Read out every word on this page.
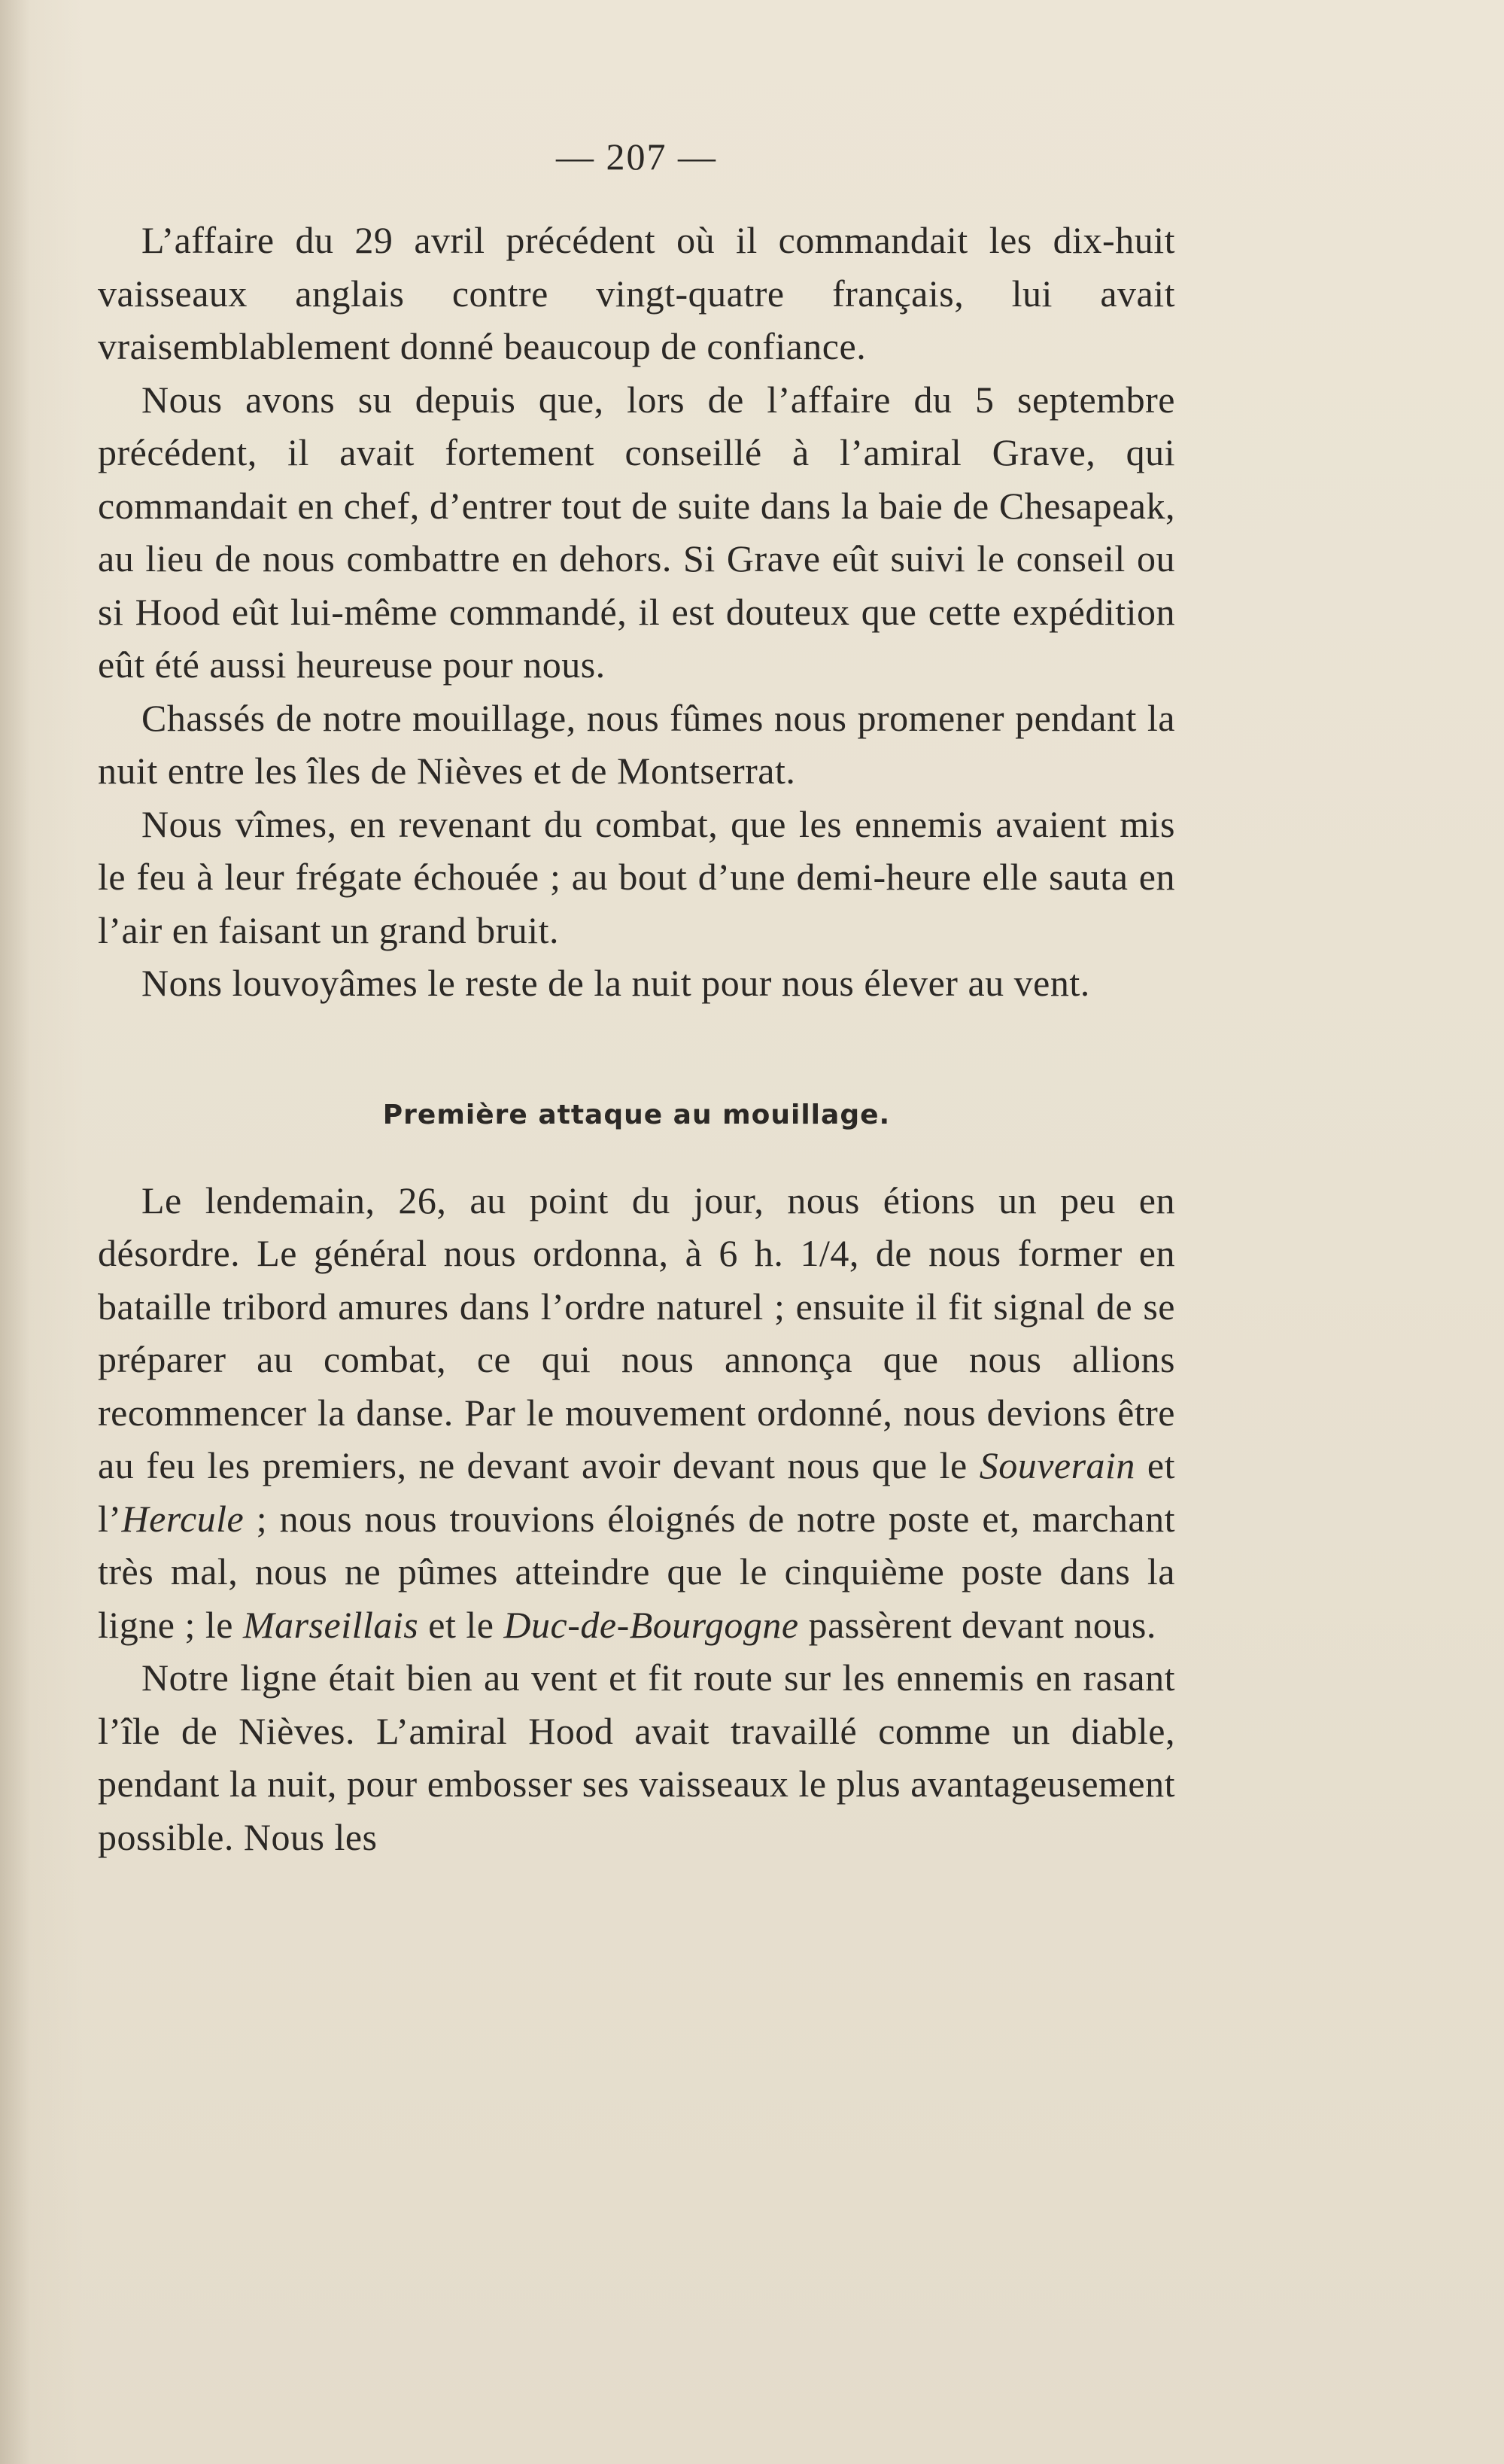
— 207 —

L’affaire du 29 avril précédent où il commandait les dix-huit vaisseaux anglais contre vingt-quatre français, lui avait vraisemblablement donné beaucoup de confiance.

Nous avons su depuis que, lors de l’affaire du 5 septembre précédent, il avait fortement conseillé à l’amiral Grave, qui commandait en chef, d’entrer tout de suite dans la baie de Chesapeak, au lieu de nous combattre en dehors. Si Grave eût suivi le conseil ou si Hood eût lui-même commandé, il est douteux que cette expédition eût été aussi heureuse pour nous.

Chassés de notre mouillage, nous fûmes nous promener pendant la nuit entre les îles de Nièves et de Montserrat.

Nous vîmes, en revenant du combat, que les ennemis avaient mis le feu à leur frégate échouée ; au bout d’une demi-heure elle sauta en l’air en faisant un grand bruit.

Nons louvoyâmes le reste de la nuit pour nous élever au vent.

Première attaque au mouillage.

Le lendemain, 26, au point du jour, nous étions un peu en désordre. Le général nous ordonna, à 6 h. 1/4, de nous former en bataille tribord amures dans l’ordre naturel ; ensuite il fit signal de se préparer au combat, ce qui nous annonça que nous allions recommencer la danse. Par le mouvement ordonné, nous devions être au feu les premiers, ne devant avoir devant nous que le Souverain et l’Hercule ; nous nous trouvions éloignés de notre poste et, marchant très mal, nous ne pûmes atteindre que le cinquième poste dans la ligne ; le Marseillais et le Duc-de-Bourgogne passèrent devant nous.

Notre ligne était bien au vent et fit route sur les ennemis en rasant l’île de Nièves. L’amiral Hood avait travaillé comme un diable, pendant la nuit, pour embosser ses vaisseaux le plus avantageusement possible. Nous les
